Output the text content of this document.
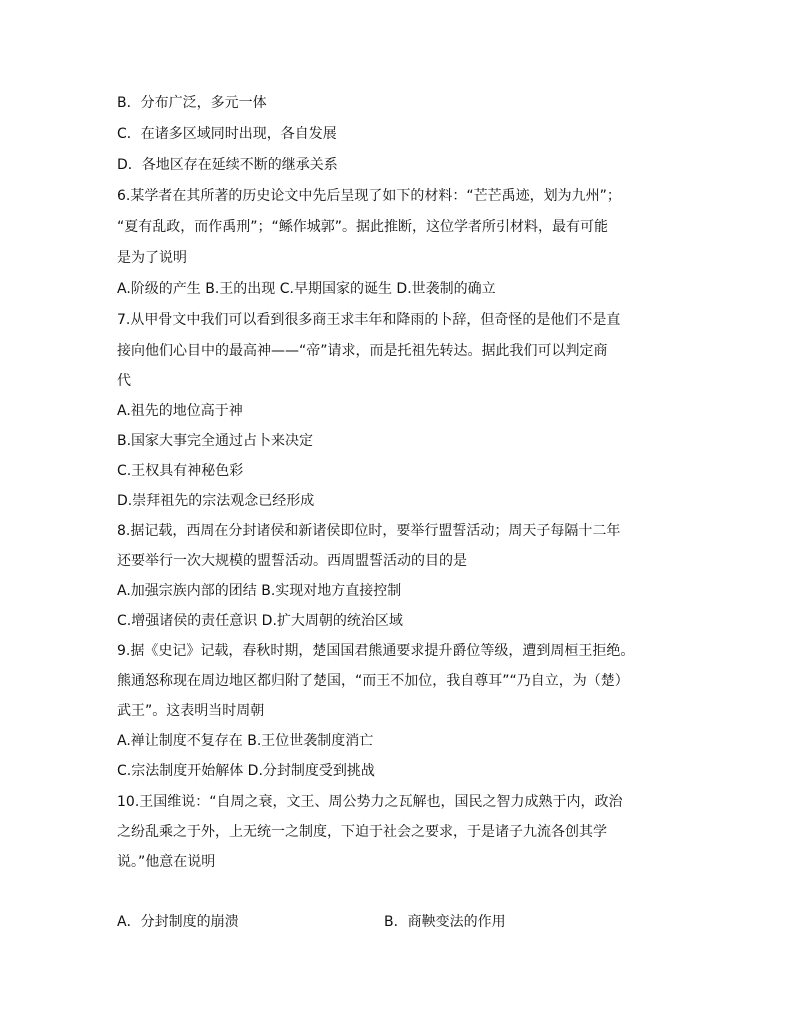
B．分布广泛，多元一体
C．在诸多区域同时出现，各自发展
D．各地区存在延续不断的继承关系
6.某学者在其所著的历史论文中先后呈现了如下的材料：“芒芒禹迹，划为九州”；
“夏有乱政，而作禹刑”；“鲧作城郭”。据此推断，这位学者所引材料，最有可能
是为了说明
A.阶级的产生 B.王的出现 C.早期国家的诞生 D.世袭制的确立
7.从甲骨文中我们可以看到很多商王求丰年和降雨的卜辞，但奇怪的是他们不是直
接向他们心目中的最高神——“帝”请求，而是托祖先转达。据此我们可以判定商
代
A.祖先的地位高于神
B.国家大事完全通过占卜来决定
C.王权具有神秘色彩
D.崇拜祖先的宗法观念已经形成
8.据记载，西周在分封诸侯和新诸侯即位时，要举行盟誓活动；周天子每隔十二年
还要举行一次大规模的盟誓活动。西周盟誓活动的目的是
A.加强宗族内部的团结 B.实现对地方直接控制
C.增强诸侯的责任意识 D.扩大周朝的统治区域
9.据《史记》记载，春秋时期，楚国国君熊通要求提升爵位等级，遭到周桓王拒绝。
熊通怒称现在周边地区都归附了楚国，“而王不加位，我自尊耳”“乃自立，为（楚）
武王”。这表明当时周朝
A.禅让制度不复存在 B.王位世袭制度消亡
C.宗法制度开始解体 D.分封制度受到挑战
10.王国维说：“自周之衰，文王、周公势力之瓦解也，国民之智力成熟于内，政治
之纷乱乘之于外，上无统一之制度，下迫于社会之要求，于是诸子九流各创其学
说。”他意在说明
A．分封制度的崩溃	B．商鞅变法的作用
